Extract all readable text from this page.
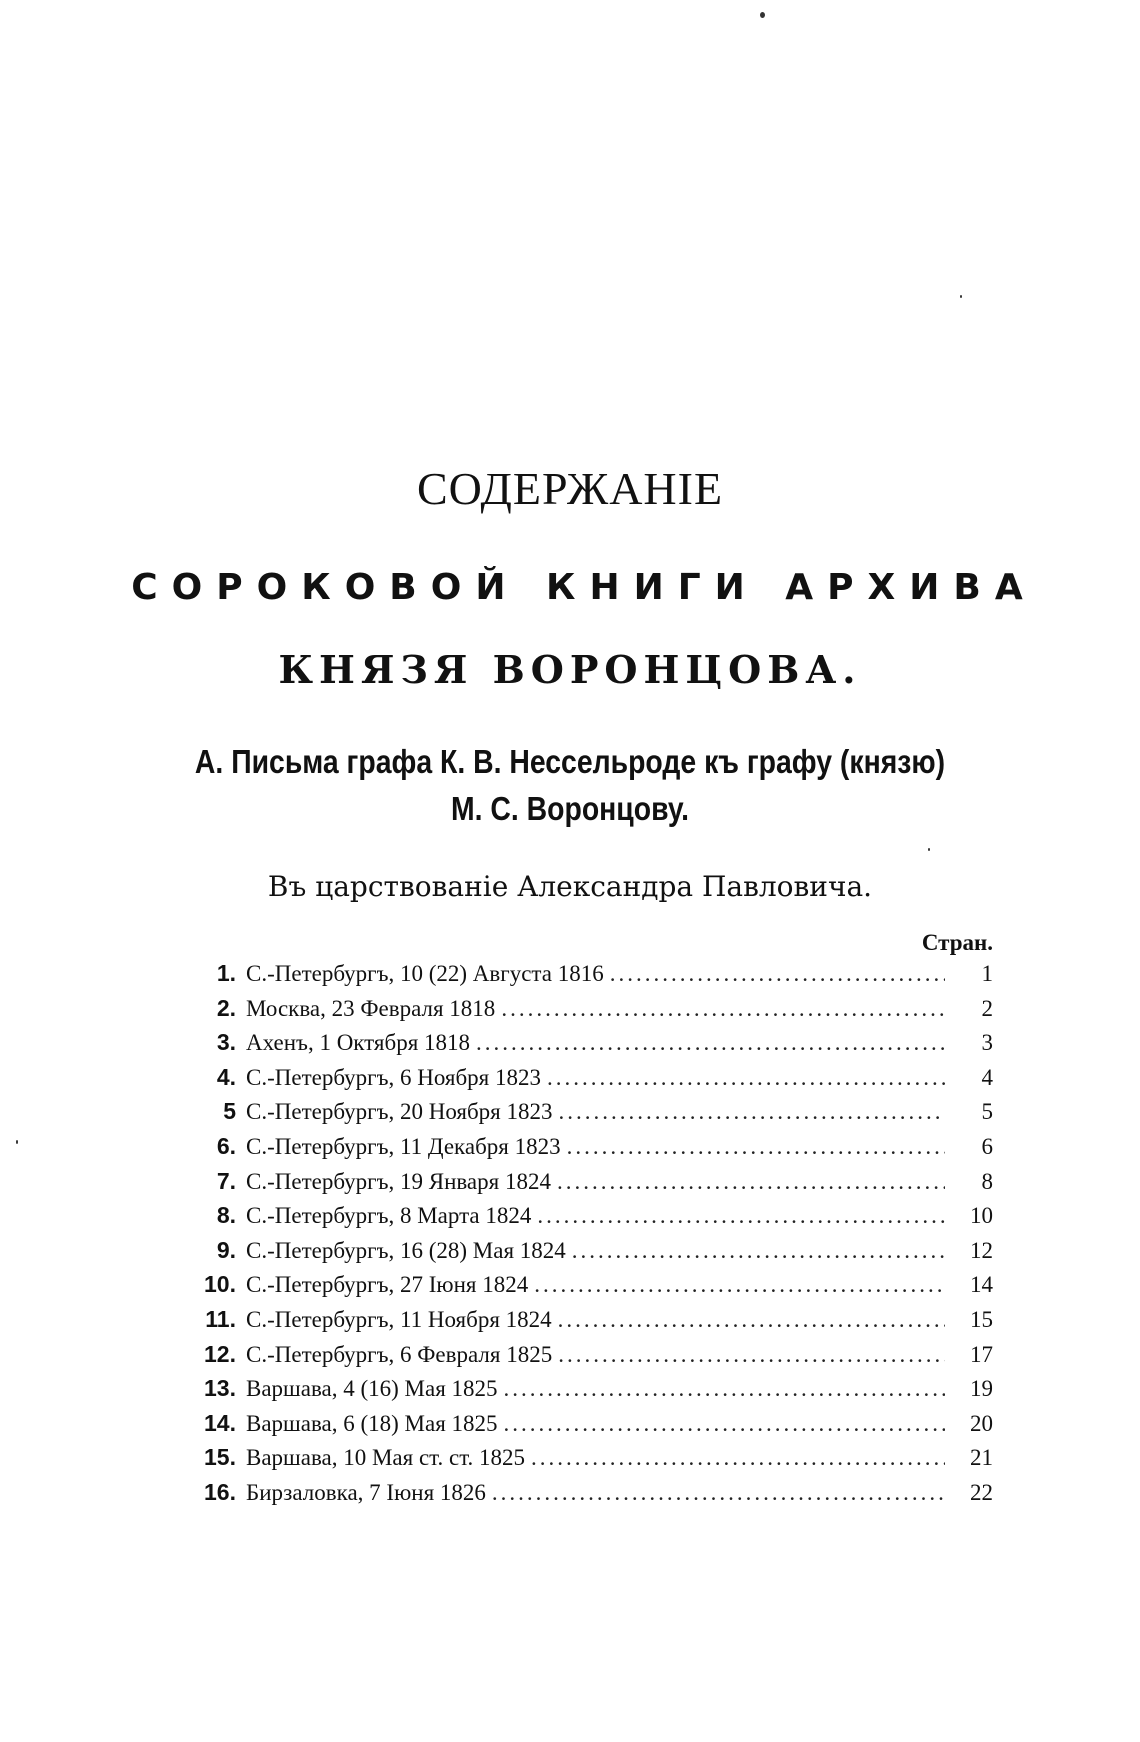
СОДЕРЖАНІЕ
СОРОКОВОЙ КНИГИ АРХИВА
КНЯЗЯ ВОРОНЦОВА.
А. Письма графа К. В. Нессельроде къ графу (князю)
М. С. Воронцову.
Въ царствованіе Александра Павловича.
Стран.
1. С.-Петербургъ, 10 (22) Августа 1816 .....	1
2. Москва, 23 Февраля 1818 .....	2
3. Ахенъ, 1 Октября 1818 .....	3
4. С.-Петербургъ, 6 Ноября 1823 .....	4
5 С.-Петербургъ, 20 Ноября 1823 .....	5
6. С.-Петербургъ, 11 Декабря 1823 .....	6
7. С.-Петербургъ, 19 Января 1824 .....	8
8. С.-Петербургъ, 8 Марта 1824 .....	10
9. С.-Петербургъ, 16 (28) Мая 1824 .....	12
10. С.-Петербургъ, 27 Іюня 1824 .....	14
11. С.-Петербургъ, 11 Ноября 1824 .....	15
12. С.-Петербургъ, 6 Февраля 1825 .....	17
13. Варшава, 4 (16) Мая 1825 .....	19
14. Варшава, 6 (18) Мая 1825 .....	20
15. Варшава, 10 Мая ст. ст. 1825 .....	21
16. Бирзаловка, 7 Іюня 1826 .....	22
